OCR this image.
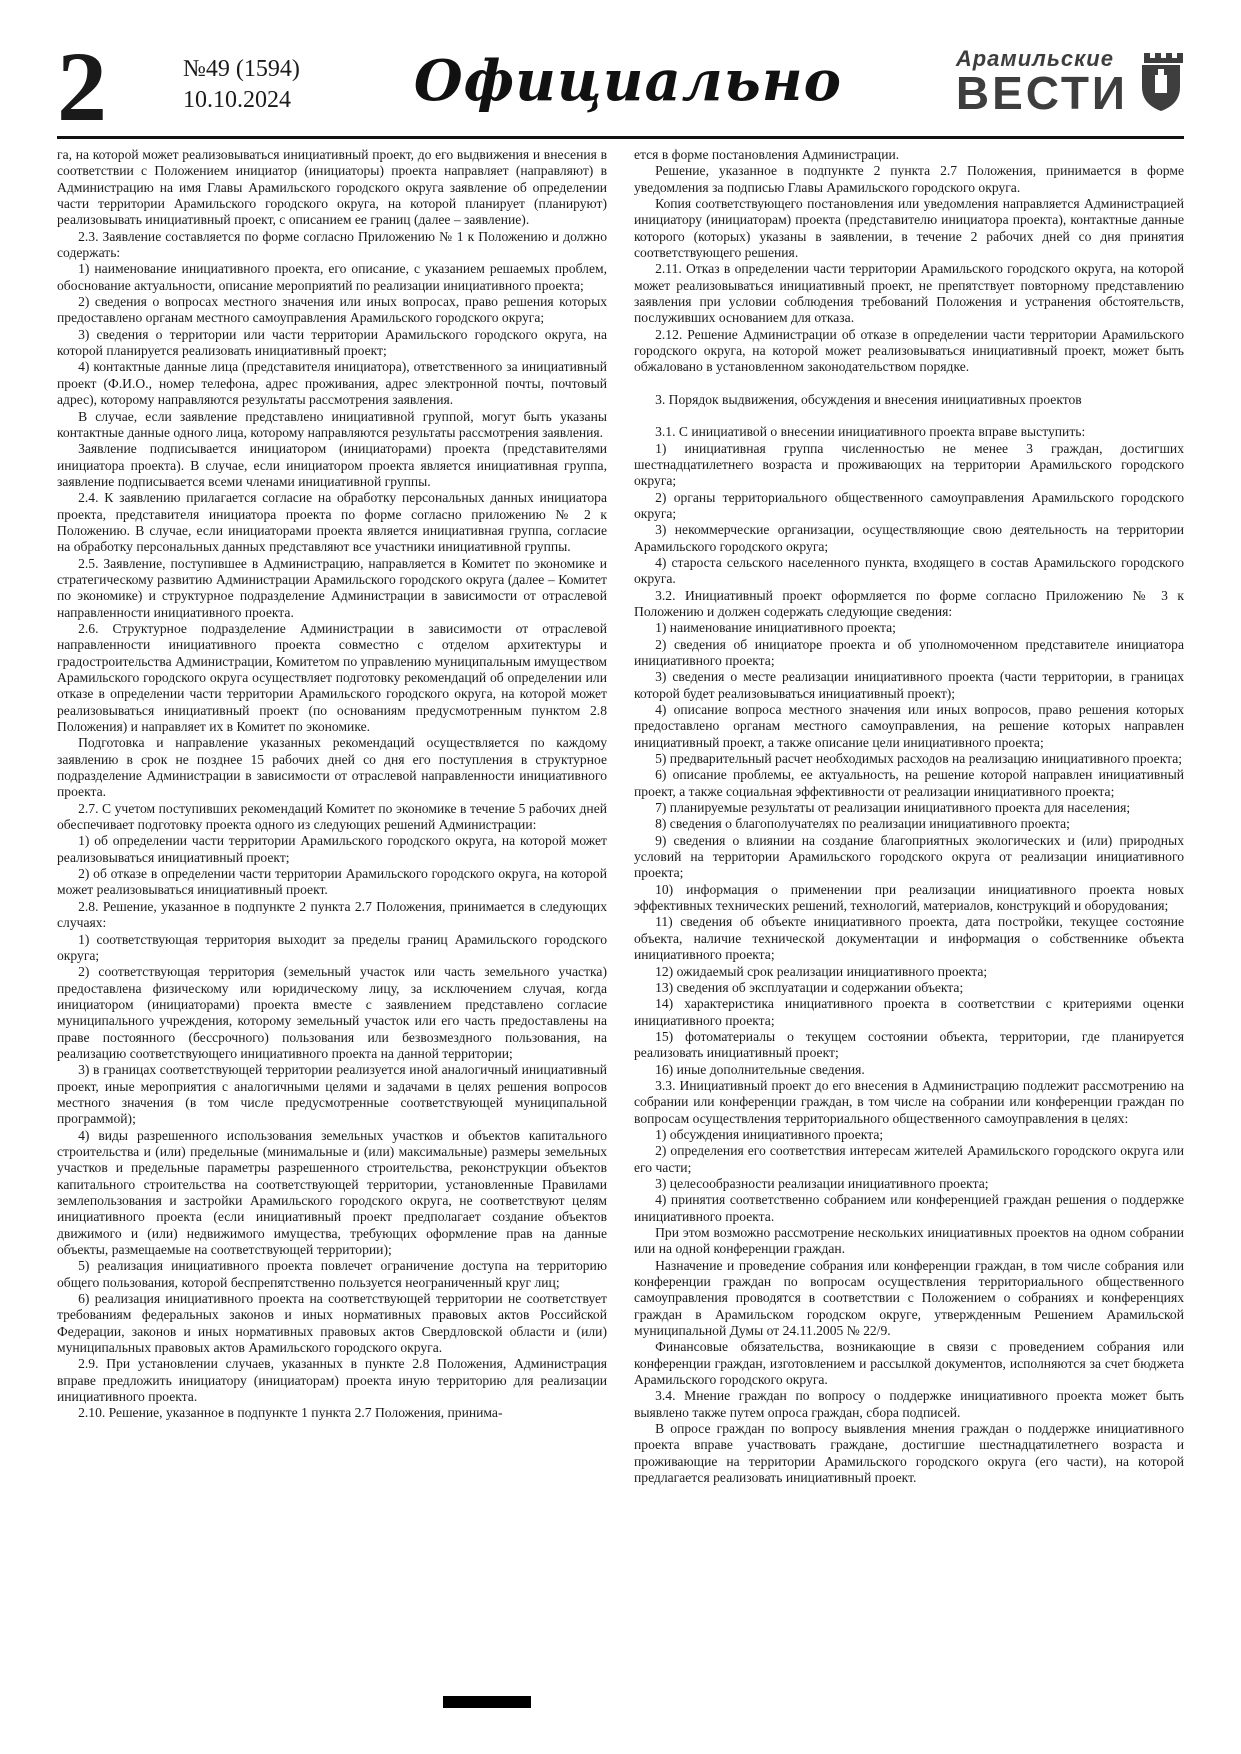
2	№49 (1594)
10.10.2024	Официально	Арамильские
ВЕСТИ

га, на которой может реализовываться инициативный проект, до его выдвижения и внесения в соответствии с Положением инициатор (инициаторы) проекта направляет (направляют) в Администрацию на имя Главы Арамильского городского округа заявление об определении части территории Арамильского городского округа, на которой планирует (планируют) реализовывать инициативный проект, с описанием ее границ (далее – заявление).

2.3. Заявление составляется по форме согласно Приложению № 1 к Положению и должно содержать:

1) наименование инициативного проекта, его описание, с указанием решаемых проблем, обоснование актуальности, описание мероприятий по реализации инициативного проекта;

2) сведения о вопросах местного значения или иных вопросах, право решения которых предоставлено органам местного самоуправления Арамильского городского округа;

3) сведения о территории или части территории Арамильского городского округа, на которой планируется реализовать инициативный проект;

4) контактные данные лица (представителя инициатора), ответственного за инициативный проект (Ф.И.О., номер телефона, адрес проживания, адрес электронной почты, почтовый адрес), которому направляются результаты рассмотрения заявления.

В случае, если заявление представлено инициативной группой, могут быть указаны контактные данные одного лица, которому направляются результаты рассмотрения заявления.

Заявление подписывается инициатором (инициаторами) проекта (представителями инициатора проекта). В случае, если инициатором проекта является инициативная группа, заявление подписывается всеми членами инициативной группы.

2.4. К заявлению прилагается согласие на обработку персональных данных инициатора проекта, представителя инициатора проекта по форме согласно приложению № 2 к Положению. В случае, если инициаторами проекта является инициативная группа, согласие на обработку персональных данных представляют все участники инициативной группы.

2.5. Заявление, поступившее в Администрацию, направляется в Комитет по экономике и стратегическому развитию Администрации Арамильского городского округа (далее – Комитет по экономике) и структурное подразделение Администрации в зависимости от отраслевой направленности инициативного проекта.

2.6. Структурное подразделение Администрации в зависимости от отраслевой направленности инициативного проекта совместно с отделом архитектуры и градостроительства Администрации, Комитетом по управлению муниципальным имуществом Арамильского городского округа осуществляет подготовку рекомендаций об определении или отказе в определении части территории Арамильского городского округа, на которой может реализовываться инициативный проект (по основаниям предусмотренным пунктом 2.8 Положения) и направляет их в Комитет по экономике.

Подготовка и направление указанных рекомендаций осуществляется по каждому заявлению в срок не позднее 15 рабочих дней со дня его поступления в структурное подразделение Администрации в зависимости от отраслевой направленности инициативного проекта.

2.7. С учетом поступивших рекомендаций Комитет по экономике в течение 5 рабочих дней обеспечивает подготовку проекта одного из следующих решений Администрации:

1) об определении части территории Арамильского городского округа, на которой может реализовываться инициативный проект;

2) об отказе в определении части территории Арамильского городского округа, на которой может реализовываться инициативный проект.

2.8. Решение, указанное в подпункте 2 пункта 2.7 Положения, принимается в следующих случаях:

1) соответствующая территория выходит за пределы границ Арамильского городского округа;

2) соответствующая территория (земельный участок или часть земельного участка) предоставлена физическому или юридическому лицу, за исключением случая, когда инициатором (инициаторами) проекта вместе с заявлением представлено согласие муниципального учреждения, которому земельный участок или его часть предоставлены на праве постоянного (бессрочного) пользования или безвозмездного пользования, на реализацию соответствующего инициативного проекта на данной территории;

3) в границах соответствующей территории реализуется иной аналогичный инициативный проект, иные мероприятия с аналогичными целями и задачами в целях решения вопросов местного значения (в том числе предусмотренные соответствующей муниципальной программой);

4) виды разрешенного использования земельных участков и объектов капитального строительства и (или) предельные (минимальные и (или) максимальные) размеры земельных участков и предельные параметры разрешенного строительства, реконструкции объектов капитального строительства на соответствующей территории, установленные Правилами землепользования и застройки Арамильского городского округа, не соответствуют целям инициативного проекта (если инициативный проект предполагает создание объектов движимого и (или) недвижимого имущества, требующих оформление прав на данные объекты, размещаемые на соответствующей территории);

5) реализация инициативного проекта повлечет ограничение доступа на территорию общего пользования, которой беспрепятственно пользуется неограниченный круг лиц;

6) реализация инициативного проекта на соответствующей территории не соответствует требованиям федеральных законов и иных нормативных правовых актов Российской Федерации, законов и иных нормативных правовых актов Свердловской области и (или) муниципальных правовых актов Арамильского городского округа.

2.9. При установлении случаев, указанных в пункте 2.8 Положения, Администрация вправе предложить инициатору (инициаторам) проекта иную территорию для реализации инициативного проекта.

2.10. Решение, указанное в подпункте 1 пункта 2.7 Положения, принима-

ется в форме постановления Администрации.

Решение, указанное в подпункте 2 пункта 2.7 Положения, принимается в форме уведомления за подписью Главы Арамильского городского округа.

Копия соответствующего постановления или уведомления направляется Администрацией инициатору (инициаторам) проекта (представителю инициатора проекта), контактные данные которого (которых) указаны в заявлении, в течение 2 рабочих дней со дня принятия соответствующего решения.

2.11. Отказ в определении части территории Арамильского городского округа, на которой может реализовываться инициативный проект, не препятствует повторному представлению заявления при условии соблюдения требований Положения и устранения обстоятельств, послуживших основанием для отказа.

2.12. Решение Администрации об отказе в определении части территории Арамильского городского округа, на которой может реализовываться инициативный проект, может быть обжаловано в установленном законодательством порядке.

3. Порядок выдвижения, обсуждения и внесения инициативных проектов

3.1. С инициативой о внесении инициативного проекта вправе выступить:

1) инициативная группа численностью не менее 3 граждан, достигших шестнадцатилетнего возраста и проживающих на территории Арамильского городского округа;

2) органы территориального общественного самоуправления Арамильского городского округа;

3) некоммерческие организации, осуществляющие свою деятельность на территории Арамильского городского округа;

4) староста сельского населенного пункта, входящего в состав Арамильского городского округа.

3.2. Инициативный проект оформляется по форме согласно Приложению № 3 к Положению и должен содержать следующие сведения:

1) наименование инициативного проекта;

2) сведения об инициаторе проекта и об уполномоченном представителе инициатора инициативного проекта;

3) сведения о месте реализации инициативного проекта (части территории, в границах которой будет реализовываться инициативный проект);

4) описание вопроса местного значения или иных вопросов, право решения которых предоставлено органам местного самоуправления, на решение которых направлен инициативный проект, а также описание цели инициативного проекта;

5) предварительный расчет необходимых расходов на реализацию инициативного проекта;

6) описание проблемы, ее актуальность, на решение которой направлен инициативный проект, а также социальная эффективности от реализации инициативного проекта;

7) планируемые результаты от реализации инициативного проекта для населения;

8) сведения о благополучателях по реализации инициативного проекта;

9) сведения о влиянии на создание благоприятных экологических и (или) природных условий на территории Арамильского городского округа от реализации инициативного проекта;

10) информация о применении при реализации инициативного проекта новых эффективных технических решений, технологий, материалов, конструкций и оборудования;

11) сведения об объекте инициативного проекта, дата постройки, текущее состояние объекта, наличие технической документации и информация о собственнике объекта инициативного проекта;

12) ожидаемый срок реализации инициативного проекта;

13) сведения об эксплуатации и содержании объекта;

14) характеристика инициативного проекта в соответствии с критериями оценки инициативного проекта;

15) фотоматериалы о текущем состоянии объекта, территории, где планируется реализовать инициативный проект;

16) иные дополнительные сведения.

3.3. Инициативный проект до его внесения в Администрацию подлежит рассмотрению на собрании или конференции граждан, в том числе на собрании или конференции граждан по вопросам осуществления территориального общественного самоуправления в целях:

1) обсуждения инициативного проекта;

2) определения его соответствия интересам жителей Арамильского городского округа или его части;

3) целесообразности реализации инициативного проекта;

4) принятия соответственно собранием или конференцией граждан решения о поддержке инициативного проекта.

При этом возможно рассмотрение нескольких инициативных проектов на одном собрании или на одной конференции граждан.

Назначение и проведение собрания или конференции граждан, в том числе собрания или конференции граждан по вопросам осуществления территориального общественного самоуправления проводятся в соответствии с Положением о собраниях и конференциях граждан в Арамильском городском округе, утвержденным Решением Арамильской муниципальной Думы от 24.11.2005 № 22/9.

Финансовые обязательства, возникающие в связи с проведением собрания или конференции граждан, изготовлением и рассылкой документов, исполняются за счет бюджета Арамильского городского округа.

3.4. Мнение граждан по вопросу о поддержке инициативного проекта может быть выявлено также путем опроса граждан, сбора подписей.

В опросе граждан по вопросу выявления мнения граждан о поддержке инициативного проекта вправе участвовать граждане, достигшие шестнадцатилетнего возраста и проживающие на территории Арамильского городского округа (его части), на которой предлагается реализовать инициативный проект.
